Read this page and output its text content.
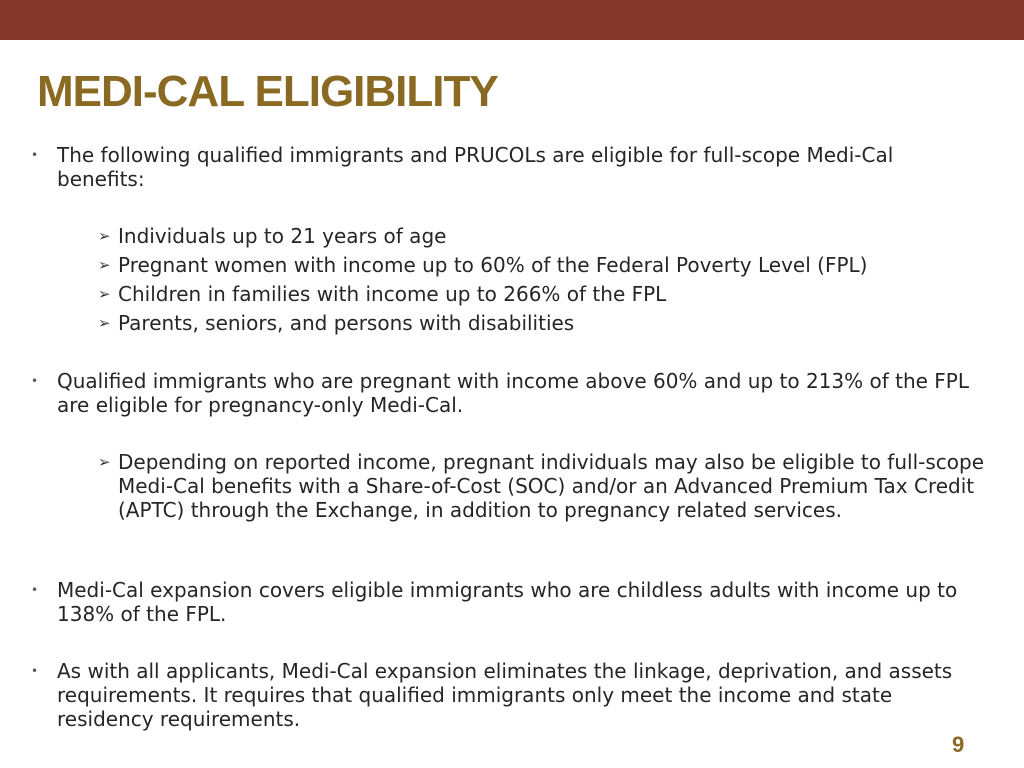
MEDI-CAL ELIGIBILITY
• The following qualified immigrants and PRUCOLs are eligible for full-scope Medi-Cal benefits:
➢ Individuals up to 21 years of age
➢ Pregnant women with income up to 60% of the Federal Poverty Level (FPL)
➢ Children in families with income up to 266% of the FPL
➢ Parents, seniors, and persons with disabilities
• Qualified immigrants who are pregnant with income above 60% and up to 213% of the FPL are eligible for pregnancy-only Medi-Cal.
➢ Depending on reported income, pregnant individuals may also be eligible to full-scope Medi-Cal benefits with a Share-of-Cost (SOC) and/or an Advanced Premium Tax Credit (APTC) through the Exchange, in addition to pregnancy related services.
• Medi-Cal expansion covers eligible immigrants who are childless adults with income up to 138% of the FPL.
• As with all applicants, Medi-Cal expansion eliminates the linkage, deprivation, and assets requirements. It requires that qualified immigrants only meet the income and state residency requirements.
9
